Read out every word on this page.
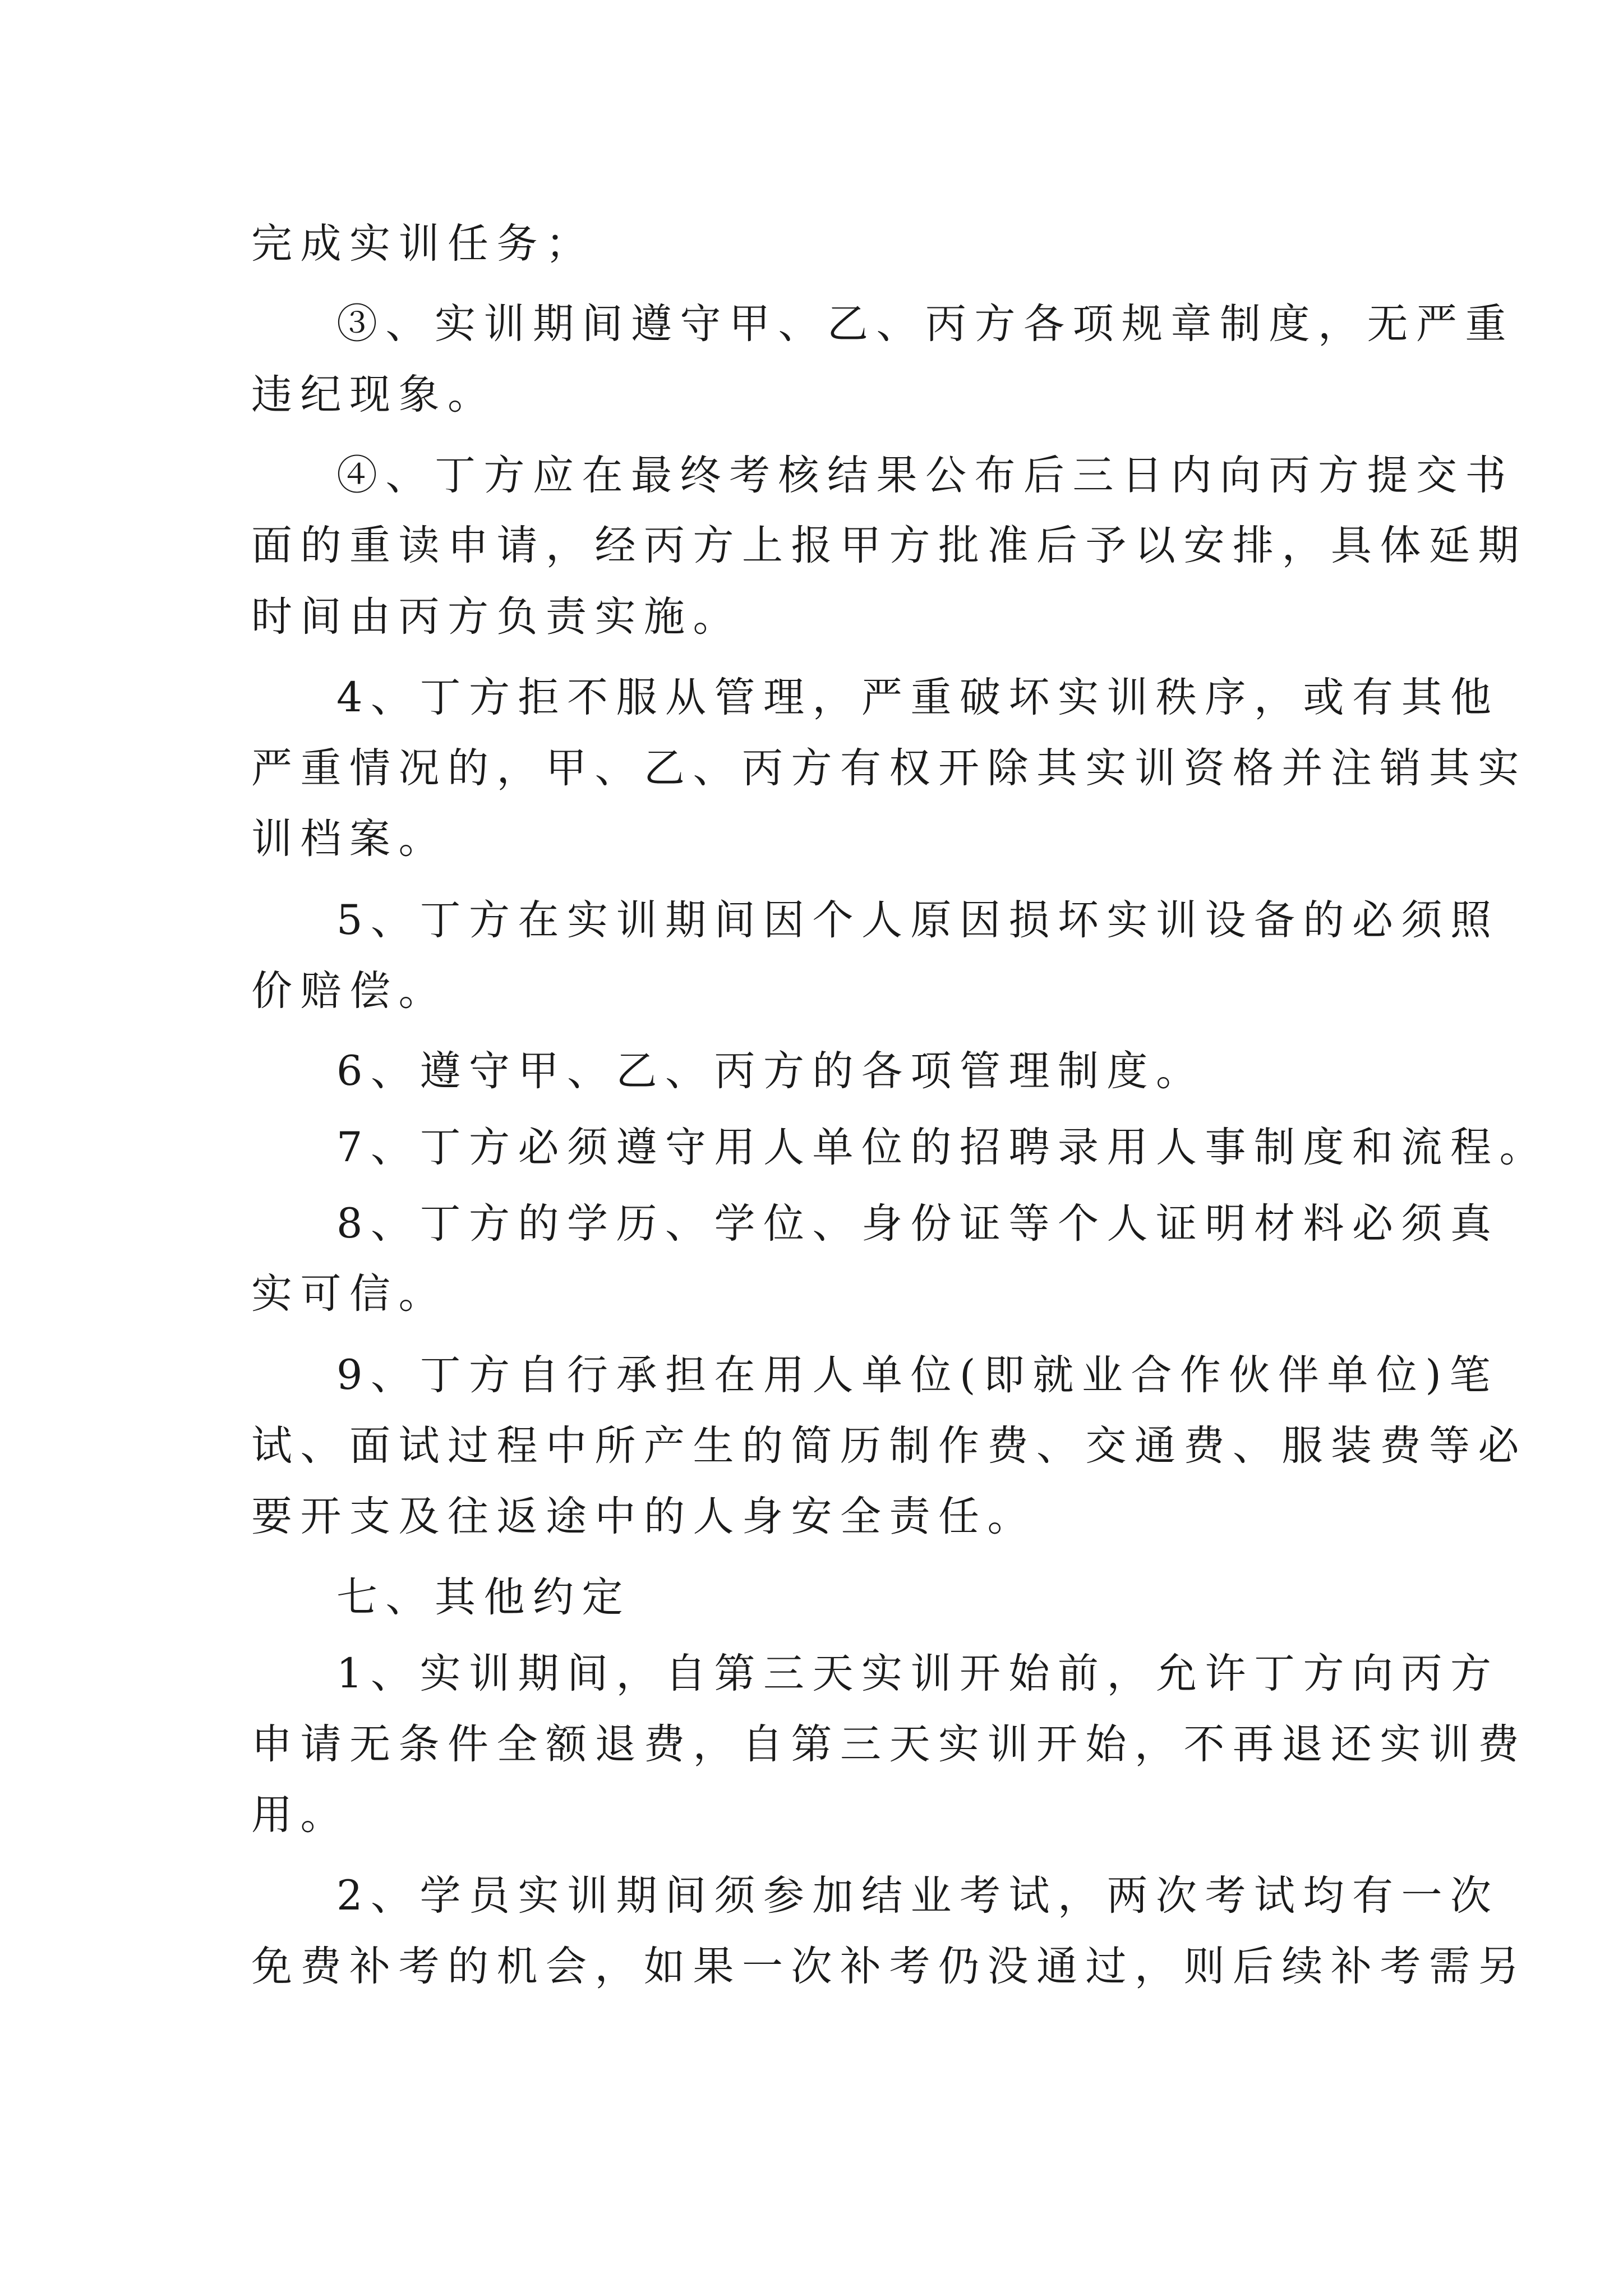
完成实训任务；

③、实训期间遵守甲、乙、丙方各项规章制度，无严重

违纪现象。

④、丁方应在最终考核结果公布后三日内向丙方提交书

面的重读申请，经丙方上报甲方批准后予以安排，具体延期

时间由丙方负责实施。

4、丁方拒不服从管理，严重破坏实训秩序，或有其他

严重情况的，甲、乙、丙方有权开除其实训资格并注销其实

训档案。

5、丁方在实训期间因个人原因损坏实训设备的必须照

价赔偿。

6、遵守甲、乙、丙方的各项管理制度。

7、丁方必须遵守用人单位的招聘录用人事制度和流程。

8、丁方的学历、学位、身份证等个人证明材料必须真

实可信。

9、丁方自行承担在用人单位(即就业合作伙伴单位)笔

试、面试过程中所产生的简历制作费、交通费、服装费等必

要开支及往返途中的人身安全责任。

七、其他约定

1、实训期间，自第三天实训开始前，允许丁方向丙方

申请无条件全额退费，自第三天实训开始，不再退还实训费

用。

2、学员实训期间须参加结业考试，两次考试均有一次

免费补考的机会，如果一次补考仍没通过，则后续补考需另
